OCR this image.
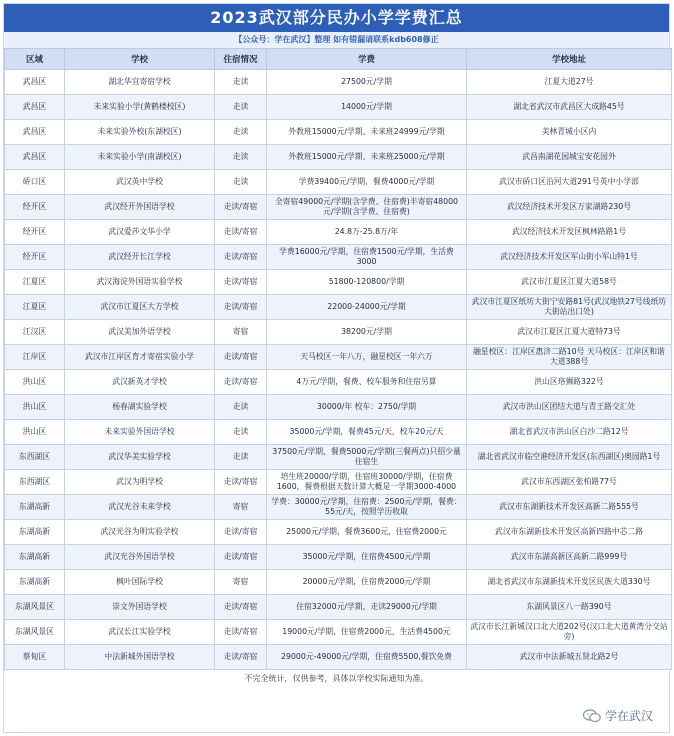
2023武汉部分民办小学学费汇总
【公众号：学在武汉】整理 如有错漏请联系kdb608修正
区域	学校	住宿情况	学费	学校地址
武昌区	湖北华宜寄宿学校	走读	27500元/学期	江夏大道27号
武昌区	未来实验小学(黄鹤楼校区)	走读	14000元/学期	湖北省武汉市武昌区大成路45号
武昌区	未来实验外校(东湖校区)	走读	外教班15000元/学期、未来班24999元/学期	美林青城小区内
武昌区	未来实验小学(南湖校区)	走读	外教班15000元/学期、未来班25000元/学期	武昌南湖花园城宝安花园外
硚口区	武汉英中学校	走读	学费39400元/学期，餐费4000元/学期	武汉市硚口区沿河大道291号英中小学部
经开区	武汉经开外国语学校	走读/寄宿	全寄宿49000元/学期(含学费、住宿费)半寄宿48000元/学期(含学费、住宿费)	武汉经济技术开发区万家湖路230号
经开区	武汉爱莎文华小学	走读/寄宿	24.8万-25.8万/年	武汉经济技术开发区枫林路路1号
经开区	武汉经开长江学校	走读/寄宿	学费16000元/学期，住宿费1500元/学期，生活费3000	武汉经济技术开发区军山街小军山特1号
江夏区	武汉海淀外国语实验学校	走读/寄宿	51800-120800/学期	武汉市江夏区江夏大道58号
江夏区	武汉市江夏区大方学校	走读/寄宿	22000-24000元/学期	武汉市江夏区纸坊大街宁安路81号(武汉地铁27号线纸坊大街站出口处)
江汉区	武汉美加外语学校	寄宿	38200元/学期	武汉市江夏区江夏大道特73号
江岸区	武汉市江岸区育才寄宿实验小学	走读/寄宿	天马校区一年八万，融星校区一年六万	融星校区：江岸区惠济二路10号 天马校区：江岸区和谐大道388号
洪山区	武汉新英才学校	走读/寄宿	4万元/学期，餐费、校车服务和住宿另算	洪山区珞狮路322号
洪山区	杨春湖实验学校	走读	30000/年 校车：2750/学期	武汉市洪山区团结大道与青王路交汇处
洪山区	未来实验外国语学校	走读	35000元/学期，餐费45元/天，校车20元/天	湖北省武汉市洪山区白沙二路12号
东西湖区	武汉华美实验学校	走读	37500元/学期，餐费5000元/学期(三餐两点)只招少量住宿生	湖北省武汉市临空港经济开发区(东西湖区)奥园路1号
东西湖区	武汉为明学校	走读/寄宿	培生班20000/学期，住宿班30000/学期，住宿费1600，餐费根据天数计算大概是一学期3000-4000	武汉市东西湖区张柏路77号
东湖高新	武汉光谷未来学校	寄宿	学费：30000元/学期，住宿费：2500元/学期，餐费：55元/天，按照学历收取	武汉市东湖新技术开发区高新二路555号
东湖高新	武汉光谷为明实验学校	走读/寄宿	25000元/学期，餐费3600元，住宿费2000元	武汉市东湖新技术开发区高新四路中芯二路
东湖高新	武汉光谷外国语学校	走读/寄宿	35000元/学期，住宿费4500元/学期	武汉市东湖高新区高新二路999号
东湖高新	枫叶国际学校	寄宿	20000元/学期，住宿费2000元/学期	湖北省武汉市东湖新技术开发区民族大道330号
东湖风景区	崇文外国语学校	走读/寄宿	住宿32000元/学期，走读29000元/学期	东湖风景区八一路390号
东湖风景区	武汉长江实验学校	走读/寄宿	19000元/学期，住宿费2000元，生活费4500元	武汉市长江新城汉口北大道202号(汉口北大道黄湾分交站旁)
蔡甸区	中法新城外国语学校	走读/寄宿	29000元-49000元/学期，住宿费5500,餐饮免费	武汉市中法新城五贤北路2号
不完全统计，仅供参考，具体以学校实际通知为准。
学在武汉
